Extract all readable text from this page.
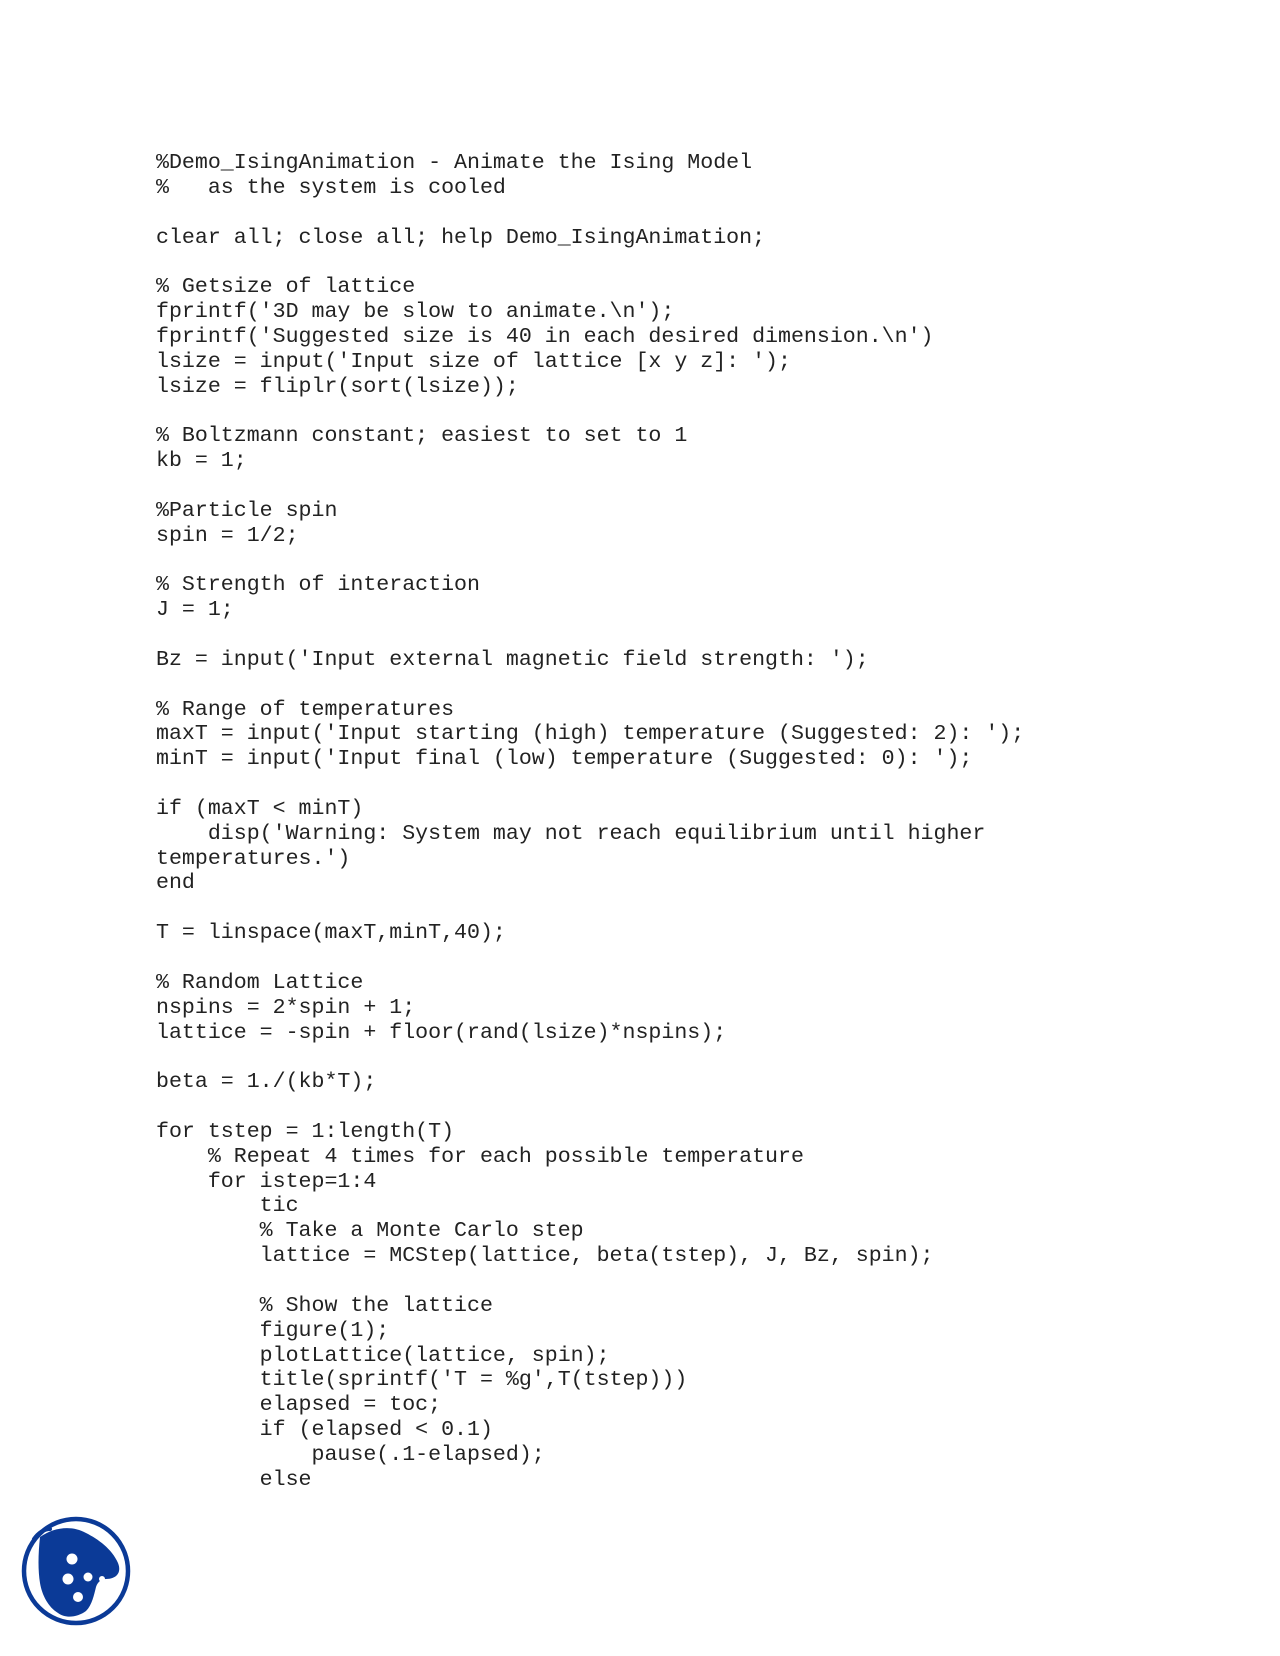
%Demo_IsingAnimation - Animate the Ising Model
%   as the system is cooled
clear all; close all; help Demo_IsingAnimation;
% Getsize of lattice
fprintf('3D may be slow to animate.\n');
fprintf('Suggested size is 40 in each desired dimension.\n')
lsize = input('Input size of lattice [x y z]: ');
lsize = fliplr(sort(lsize));
% Boltzmann constant; easiest to set to 1
kb = 1;
%Particle spin
spin = 1/2;
% Strength of interaction
J = 1;
Bz = input('Input external magnetic field strength: ');
% Range of temperatures
maxT = input('Input starting (high) temperature (Suggested: 2): ');
minT = input('Input final (low) temperature (Suggested: 0): ');
if (maxT < minT)
disp('Warning: System may not reach equilibrium until higher
temperatures.')
end
T = linspace(maxT,minT,40);
% Random Lattice
nspins = 2*spin + 1;
lattice = -spin + floor(rand(lsize)*nspins);
beta = 1./(kb*T);
for tstep = 1:length(T)
% Repeat 4 times for each possible temperature
for istep=1:4
tic
% Take a Monte Carlo step
lattice = MCStep(lattice, beta(tstep), J, Bz, spin);
% Show the lattice
figure(1);
plotLattice(lattice, spin);
title(sprintf('T = %g',T(tstep)))
elapsed = toc;
if (elapsed < 0.1)
pause(.1-elapsed);
else
